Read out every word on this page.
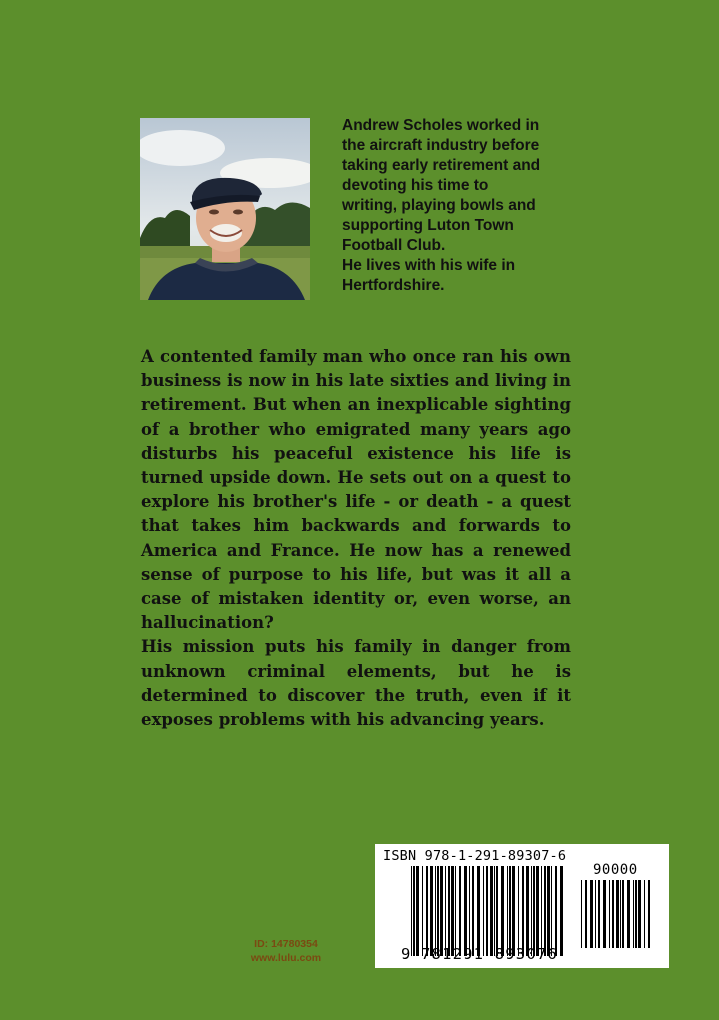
Andrew Scholes worked in

the aircraft industry before

taking early retirement and

devoting his time to

writing, playing bowls and

supporting Luton Town

Football Club.

He lives with his wife in

Hertfordshire.

A contented family man who once ran his own business is now in his late sixties and living in retirement. But when an inexplicable sighting of a brother who emigrated many years ago disturbs his peaceful existence his life is turned upside down. He sets out on a quest to explore his brother's life - or death - a quest that takes him backwards and forwards to America and France. He now has a renewed sense of purpose to his life, but was it all a case of mistaken identity or, even worse, an hallucination?

His mission puts his family in danger from unknown criminal elements, but he is determined to discover the truth, even if it exposes problems with his advancing years.

ID: 14780354
www.lulu.com
ISBN 978-1-291-89307-6
90000
9 781291 893076
